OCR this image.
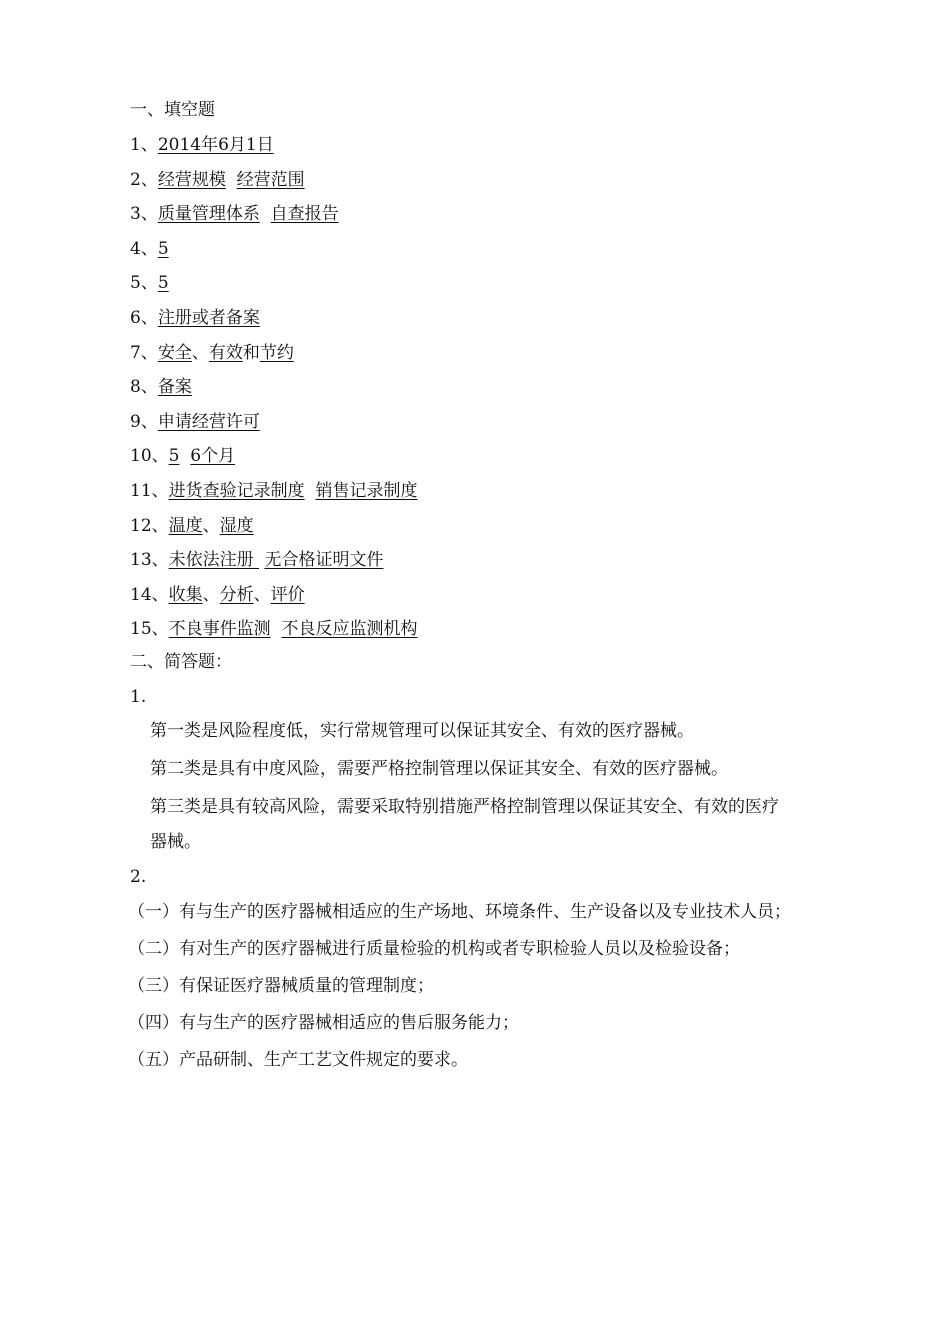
一、填空题
1、2014年6月1日
2、经营规模 经营范围
3、质量管理体系 自查报告
4、5
5、5
6、注册或者备案
7、安全、有效和节约
8、备案
9、申请经营许可
10、5 6个月
11、进货查验记录制度 销售记录制度
12、温度、湿度
13、未依法注册  无合格证明文件
14、收集、分析、评价
15、不良事件监测 不良反应监测机构
二、简答题：
1.
第一类是风险程度低，实行常规管理可以保证其安全、有效的医疗器械。
第二类是具有中度风险，需要严格控制管理以保证其安全、有效的医疗器械。
第三类是具有较高风险，需要采取特别措施严格控制管理以保证其安全、有效的医疗
器械。
2.
（一）有与生产的医疗器械相适应的生产场地、环境条件、生产设备以及专业技术人员；
（二）有对生产的医疗器械进行质量检验的机构或者专职检验人员以及检验设备；
（三）有保证医疗器械质量的管理制度；
（四）有与生产的医疗器械相适应的售后服务能力；
（五）产品研制、生产工艺文件规定的要求。
